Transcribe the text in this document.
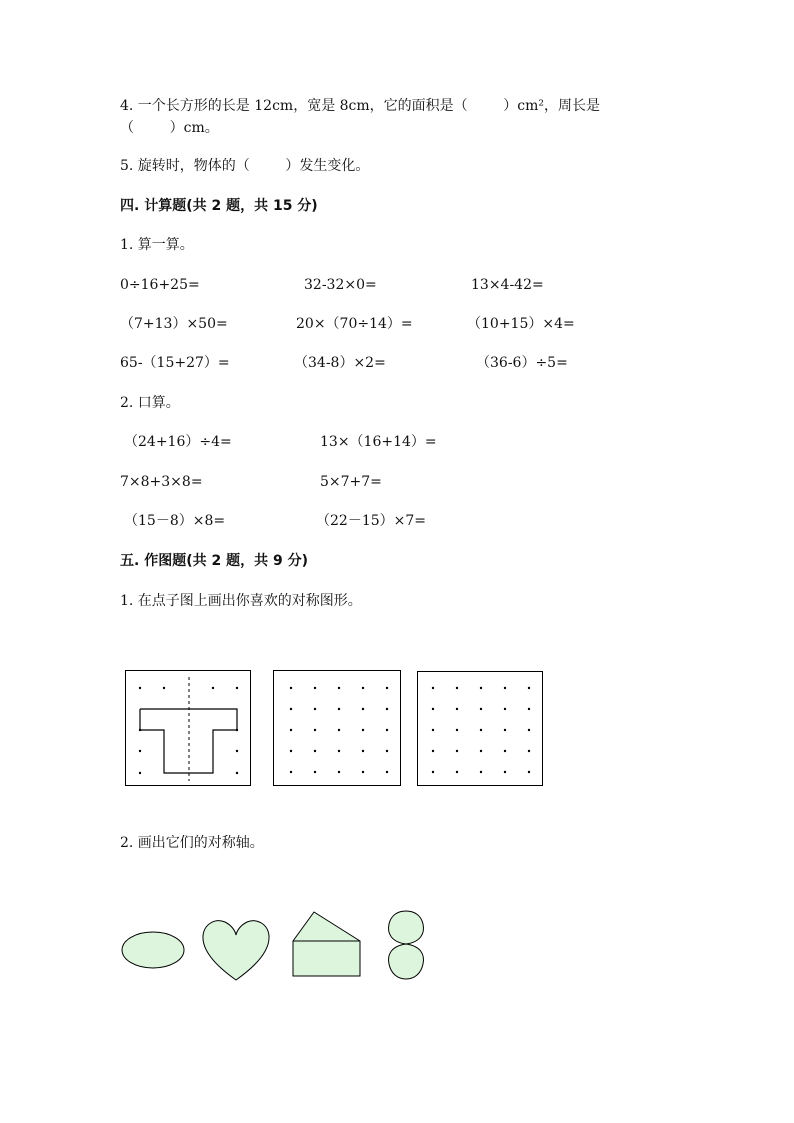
4. 一个长方形的长是 12cm，宽是 8cm，它的面积是（        ）cm²，周长是
（        ）cm。
5. 旋转时，物体的（        ）发生变化。
四. 计算题(共 2 题，共 15 分)
1. 算一算。
0÷16+25=	32-32×0=	13×4-42=
（7+13）×50=	20×（70÷14）=	（10+15）×4=
65-（15+27）=	（34-8）×2=	（36-6）÷5=
2. 口算。
（24+16）÷4=	13×（16+14）=
7×8+3×8=	5×7+7=
（15－8）×8=	（22－15）×7=
五. 作图题(共 2 题，共 9 分)
1. 在点子图上画出你喜欢的对称图形。
2. 画出它们的对称轴。
